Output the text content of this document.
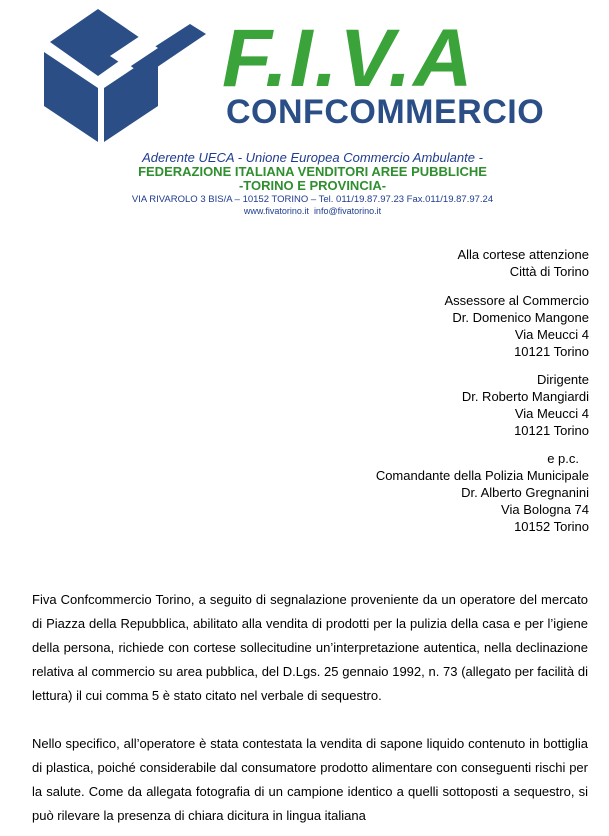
F.I.V.A
CONFCOMMERCIO
Aderente UECA - Unione Europea Commercio Ambulante -
FEDERAZIONE ITALIANA VENDITORI AREE PUBBLICHE
-TORINO E PROVINCIA-
VIA RIVAROLO 3 BIS/A – 10152 TORINO – Tel. 011/19.87.97.23 Fax.011/19.87.97.24
www.fivatorino.it info@fivatorino.it
Alla cortese attenzione
Città di Torino
Assessore al Commercio
Dr. Domenico Mangone
Via Meucci 4
10121 Torino
Dirigente
Dr. Roberto Mangiardi
Via Meucci 4
10121 Torino
e p.c.
Comandante della Polizia Municipale
Dr. Alberto Gregnanini
Via Bologna 74
10152 Torino
Fiva Confcommercio Torino, a seguito di segnalazione proveniente da un operatore del mercato di Piazza della Repubblica, abilitato alla vendita di prodotti per la pulizia della casa e per l’igiene della persona, richiede con cortese sollecitudine un’interpretazione autentica, nella declinazione relativa al commercio su area pubblica, del D.Lgs. 25 gennaio 1992, n. 73 (allegato per facilità di lettura) il cui comma 5 è stato citato nel verbale di sequestro.
Nello specifico, all’operatore è stata contestata la vendita di sapone liquido contenuto in bottiglia di plastica, poiché considerabile dal consumatore prodotto alimentare con conseguenti rischi per la salute. Come da allegata fotografia di un campione identico a quelli sottoposti a sequestro, si può rilevare la presenza di chiara dicitura in lingua italiana
